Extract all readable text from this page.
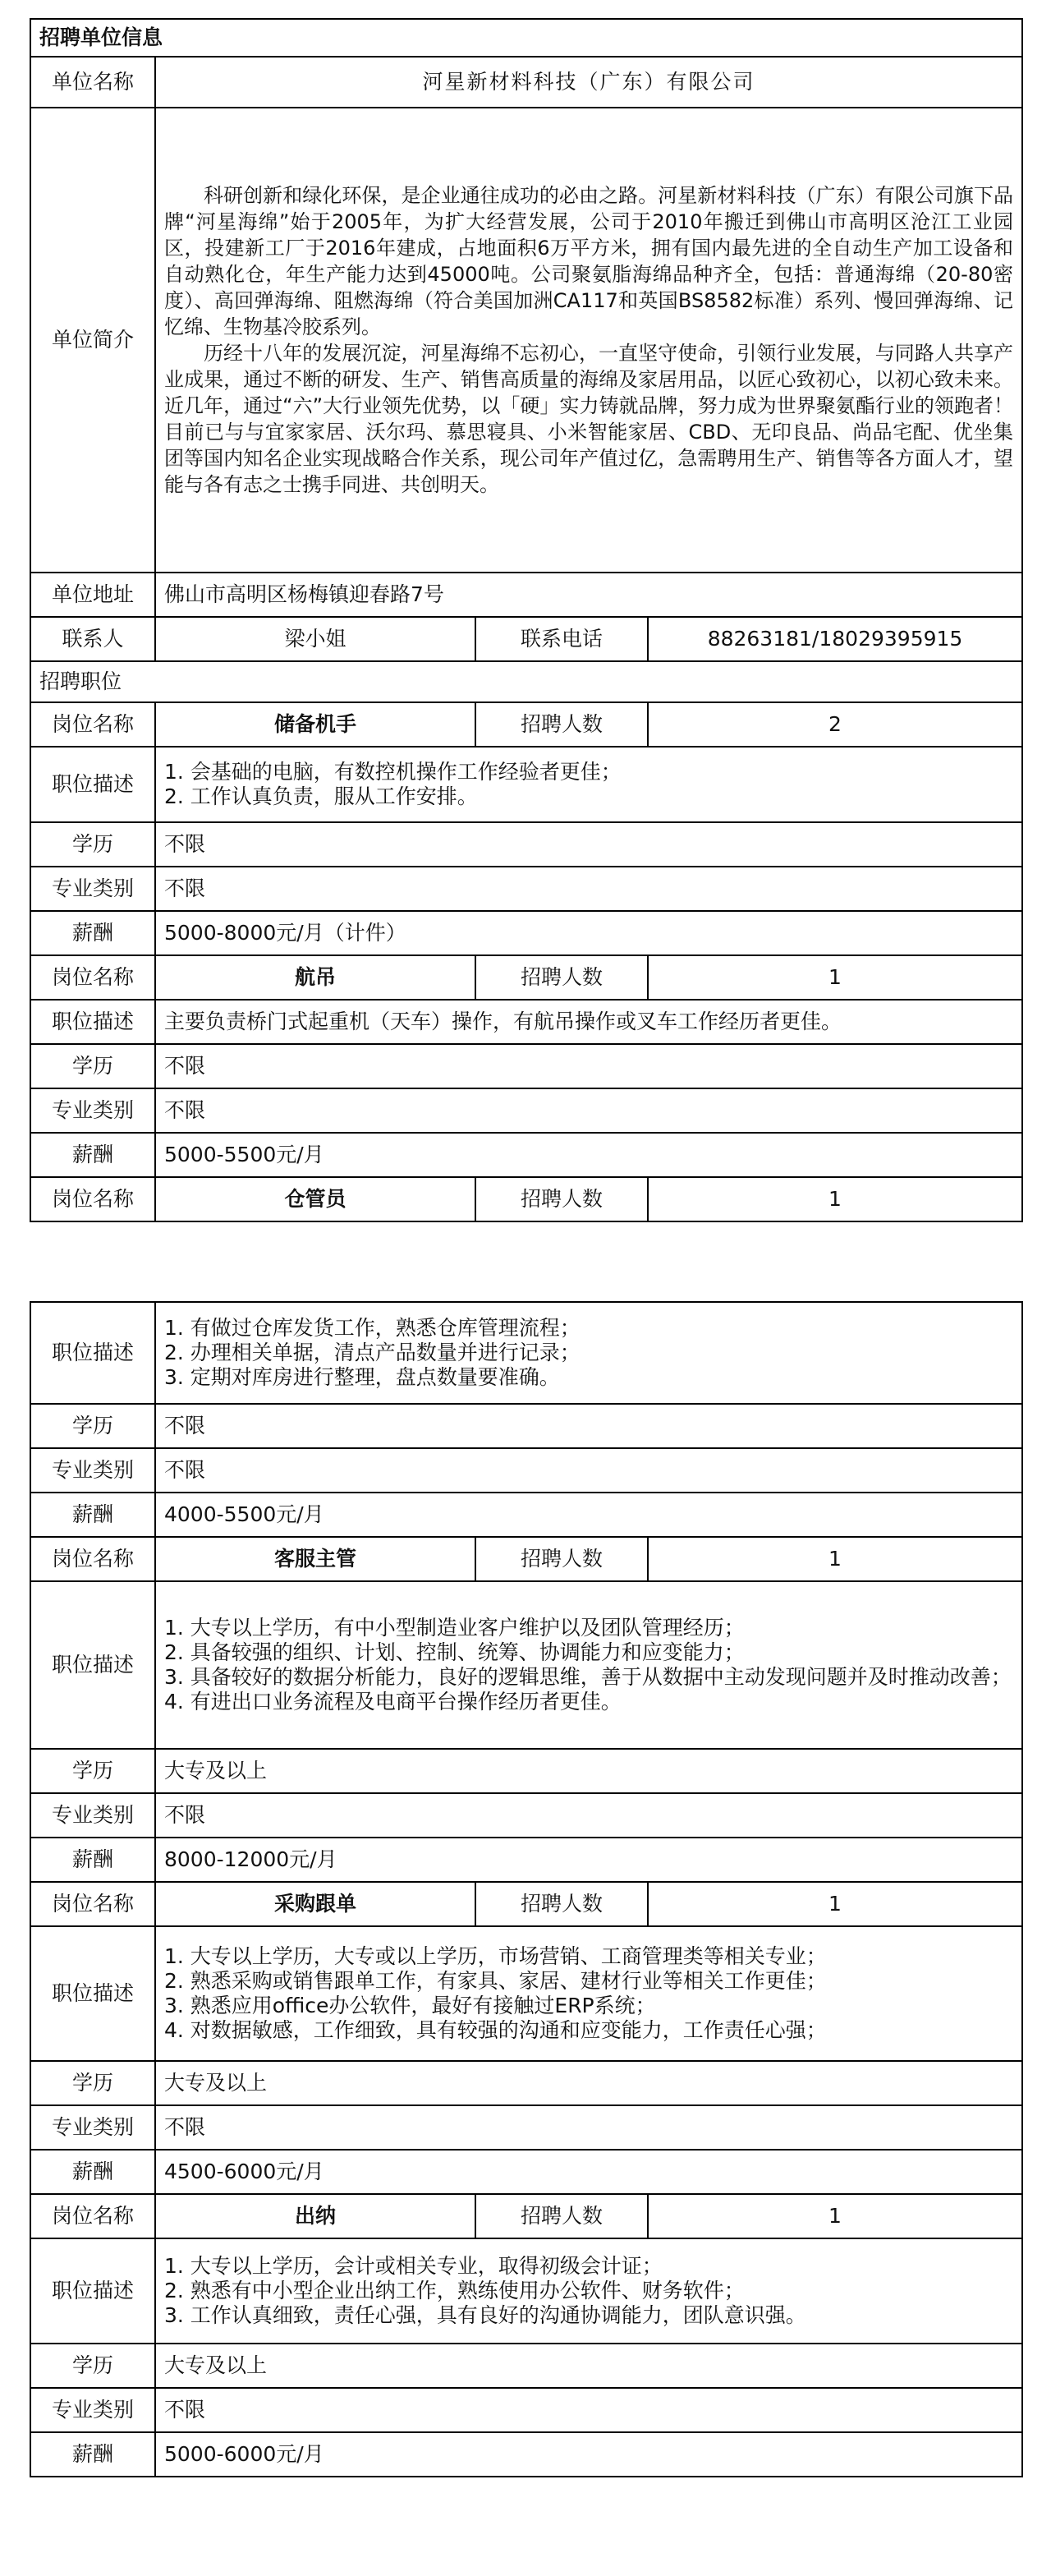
招聘单位信息			
单位名称	河星新材料科技（广东）有限公司		
单位简介	科研创新和绿化环保，是企业通往成功的必由之路。河星新材料科技（广东）有限公司旗下品牌“河星海绵”始于2005年，为扩大经营发展，公司于2010年搬迁到佛山市高明区沧江工业园区，投建新工厂于2016年建成，占地面积6万平方米，拥有国内最先进的全自动生产加工设备和自动熟化仓，年生产能力达到45000吨。公司聚氨脂海绵品种齐全，包括：普通海绵（20-80密度）、高回弹海绵、阻燃海绵（符合美国加洲CA117和英国BS8582标准）系列、慢回弹海绵、记忆绵、生物基冷胶系列。

历经十八年的发展沉淀，河星海绵不忘初心，一直坚守使命，引领行业发展，与同路人共享产业成果，通过不断的研发、生产、销售高质量的海绵及家居用品，以匠心致初心，以初心致未来。近几年，通过“六”大行业领先优势，以「硬」实力铸就品牌，努力成为世界聚氨酯行业的领跑者！目前已与与宜家家居、沃尔玛、慕思寝具、小米智能家居、CBD、无印良品、尚品宅配、优坐集团等国内知名企业实现战略合作关系，现公司年产值过亿，急需聘用生产、销售等各方面人才，望能与各有志之士携手同进、共创明天。		

单位地址	佛山市高明区杨梅镇迎春路7号		
联系人	梁小姐	联系电话	88263181/18029395915
招聘职位			
岗位名称	储备机手	招聘人数	2
职位描述	1. 会基础的电脑，有数控机操作工作经验者更佳；
2. 工作认真负责，服从工作安排。		

学历	不限		
专业类别	不限		
薪酬	5000-8000元/月（计件）		
岗位名称	航吊	招聘人数	1
职位描述	主要负责桥门式起重机（天车）操作，有航吊操作或叉车工作经历者更佳。		

学历	不限		
专业类别	不限		
薪酬	5000-5500元/月		
岗位名称	仓管员	招聘人数	1
职位描述	1. 有做过仓库发货工作，熟悉仓库管理流程；
2. 办理相关单据，清点产品数量并进行记录；
3. 定期对库房进行整理，盘点数量要准确。		

学历	不限		
专业类别	不限		
薪酬	4000-5500元/月		
岗位名称	客服主管	招聘人数	1
职位描述	1. 大专以上学历，有中小型制造业客户维护以及团队管理经历；
2. 具备较强的组织、计划、控制、统筹、协调能力和应变能力；
3. 具备较好的数据分析能力，良好的逻辑思维，善于从数据中主动发现问题并及时推动改善；
4. 有进出口业务流程及电商平台操作经历者更佳。		

学历	大专及以上		
专业类别	不限		
薪酬	8000-12000元/月		
岗位名称	采购跟单	招聘人数	1
职位描述	1. 大专以上学历，大专或以上学历，市场营销、工商管理类等相关专业；
2. 熟悉采购或销售跟单工作，有家具、家居、建材行业等相关工作更佳；
3. 熟悉应用office办公软件，最好有接触过ERP系统；
4. 对数据敏感，工作细致，具有较强的沟通和应变能力，工作责任心强；		

学历	大专及以上		
专业类别	不限		
薪酬	4500-6000元/月		
岗位名称	出纳	招聘人数	1
职位描述	1. 大专以上学历，会计或相关专业，取得初级会计证；
2. 熟悉有中小型企业出纳工作，熟练使用办公软件、财务软件；
3. 工作认真细致，责任心强，具有良好的沟通协调能力，团队意识强。		

学历	大专及以上		
专业类别	不限		
薪酬	5000-6000元/月		
